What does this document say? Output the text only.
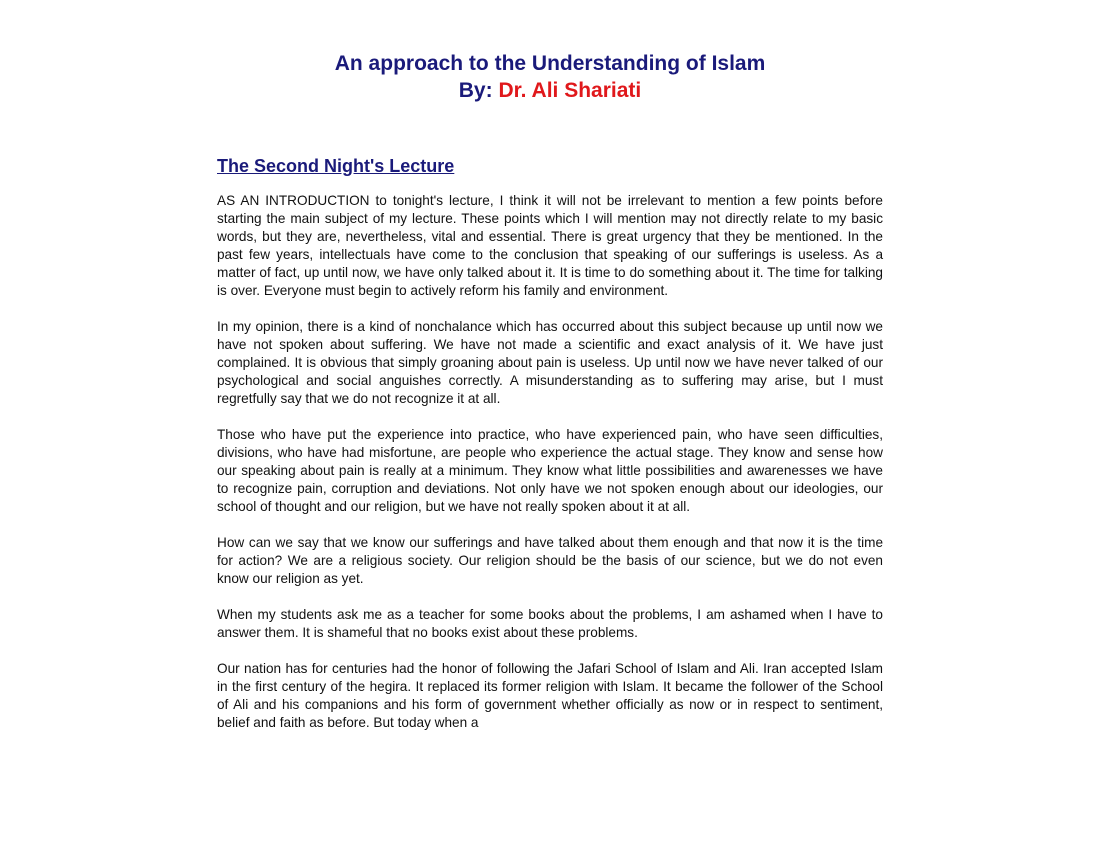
An approach to the Understanding of Islam
By: Dr. Ali Shariati
The Second Night's Lecture

AS AN INTRODUCTION to tonight's lecture, I think it will not be irrelevant to mention a few points before starting the main subject of my lecture. These points which I will mention may not directly relate to my basic words, but they are, nevertheless, vital and essential. There is great urgency that they be mentioned. In the past few years, intellectuals have come to the conclusion that speaking of our sufferings is useless. As a matter of fact, up until now, we have only talked about it. It is time to do something about it. The time for talking is over. Everyone must begin to actively reform his family and environment.

In my opinion, there is a kind of nonchalance which has occurred about this subject because up until now we have not spoken about suffering. We have not made a scientific and exact analysis of it. We have just complained. It is obvious that simply groaning about pain is useless. Up until now we have never talked of our psychological and social anguishes correctly. A misunderstanding as to suffering may arise, but I must regretfully say that we do not recognize it at all.

Those who have put the experience into practice, who have experienced pain, who have seen difficulties, divisions, who have had misfortune, are people who experience the actual stage. They know and sense how our speaking about pain is really at a minimum. They know what little possibilities and awarenesses we have to recognize pain, corruption and deviations. Not only have we not spoken enough about our ideologies, our school of thought and our religion, but we have not really spoken about it at all.

How can we say that we know our sufferings and have talked about them enough and that now it is the time for action? We are a religious society. Our religion should be the basis of our science, but we do not even know our religion as yet.

When my students ask me as a teacher for some books about the problems, I am ashamed when I have to answer them. It is shameful that no books exist about these problems.

Our nation has for centuries had the honor of following the Jafari School of Islam and Ali. Iran accepted Islam in the first century of the hegira. It replaced its former religion with Islam. It became the follower of the School of Ali and his companions and his form of government whether officially as now or in respect to sentiment, belief and faith as before. But today when a
